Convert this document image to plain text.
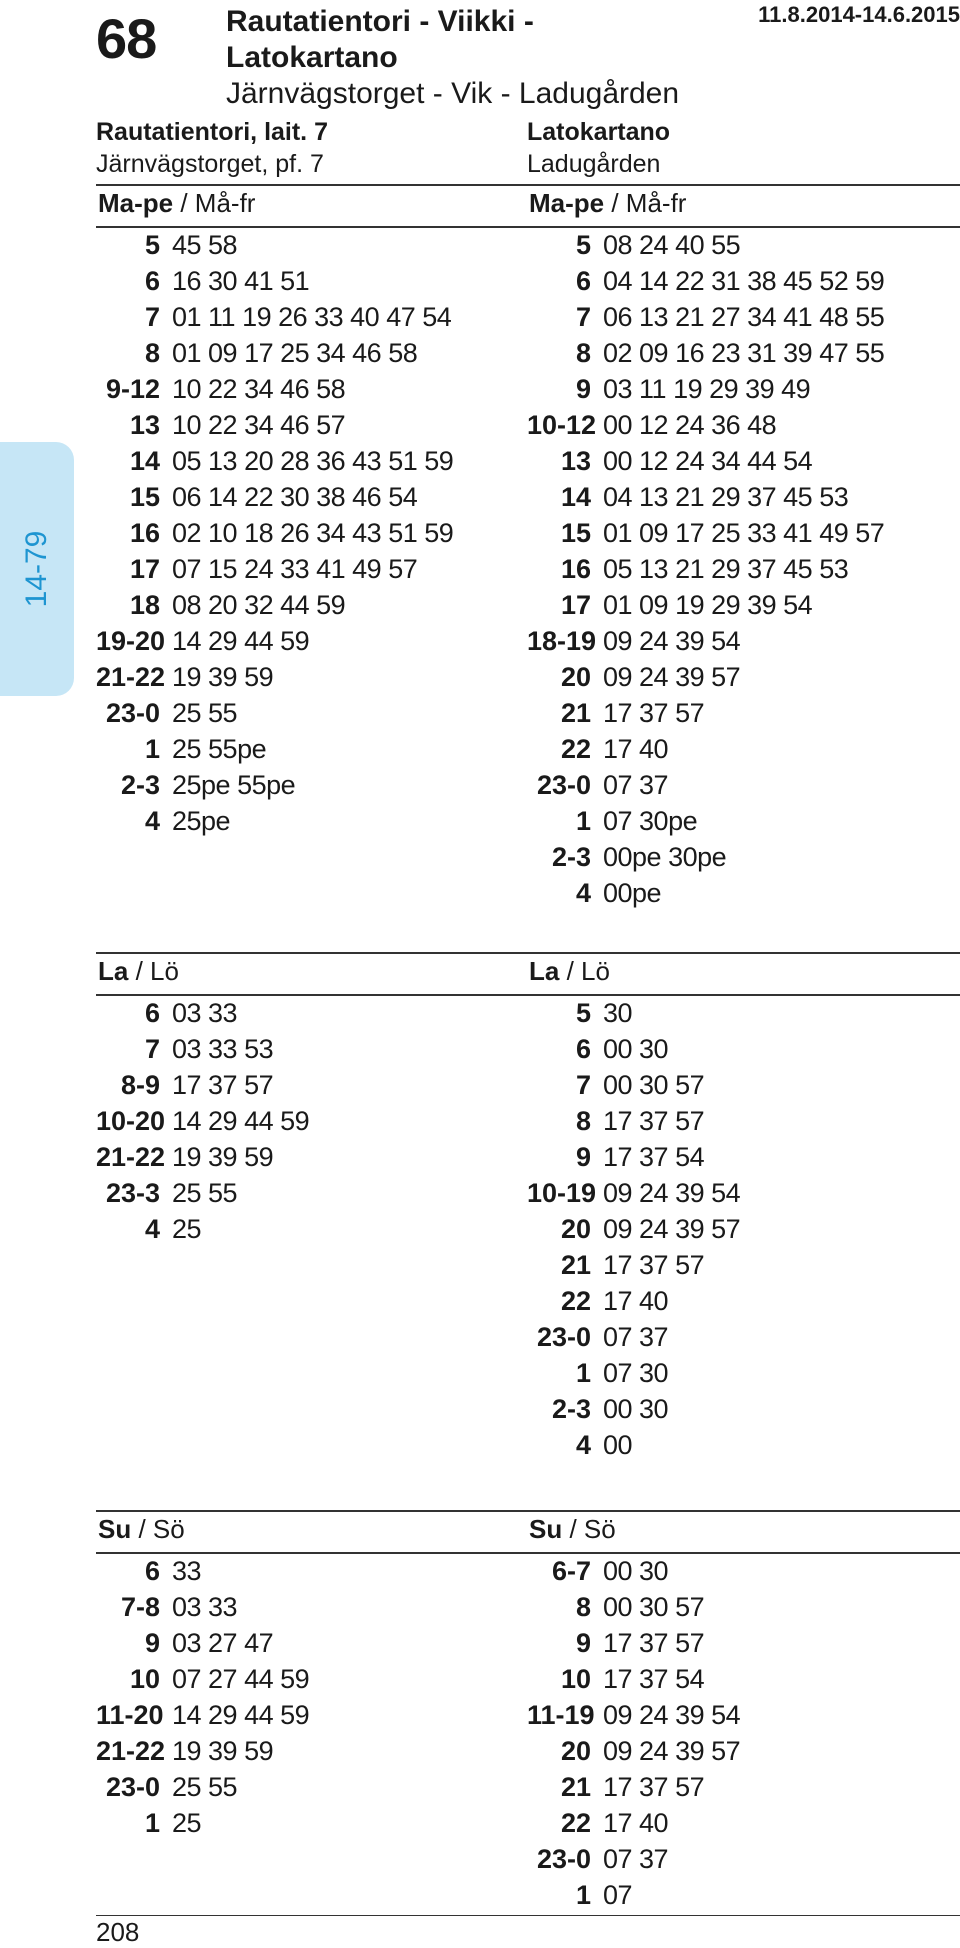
68 Rautatientori - Viikki -
Latokartano
Järnvägstorget - Vik - Ladugården
11.8.2014-14.6.2015
Rautatientori, lait. 7
Järnvägstorget, pf. 7
Latokartano
Ladugården
14-79
Ma-pe / Må-fr
5 45 58
6 16 30 41 51
7 01 11 19 26 33 40 47 54
8 01 09 17 25 34 46 58
9-12 10 22 34 46 58
13 10 22 34 46 57
14 05 13 20 28 36 43 51 59
15 06 14 22 30 38 46 54
16 02 10 18 26 34 43 51 59
17 07 15 24 33 41 49 57
18 08 20 32 44 59
19-20 14 29 44 59
21-22 19 39 59
23-0 25 55
1 25 55pe
2-3 25pe 55pe
4 25pe
Ma-pe / Må-fr
5 08 24 40 55
6 04 14 22 31 38 45 52 59
7 06 13 21 27 34 41 48 55
8 02 09 16 23 31 39 47 55
9 03 11 19 29 39 49
10-12 00 12 24 36 48
13 00 12 24 34 44 54
14 04 13 21 29 37 45 53
15 01 09 17 25 33 41 49 57
16 05 13 21 29 37 45 53
17 01 09 19 29 39 54
18-19 09 24 39 54
20 09 24 39 57
21 17 37 57
22 17 40
23-0 07 37
1 07 30pe
2-3 00pe 30pe
4 00pe
La / Lö
6 03 33
7 03 33 53
8-9 17 37 57
10-20 14 29 44 59
21-22 19 39 59
23-3 25 55
4 25
La / Lö
5 30
6 00 30
7 00 30 57
8 17 37 57
9 17 37 54
10-19 09 24 39 54
20 09 24 39 57
21 17 37 57
22 17 40
23-0 07 37
1 07 30
2-3 00 30
4 00
Su / Sö
6 33
7-8 03 33
9 03 27 47
10 07 27 44 59
11-20 14 29 44 59
21-22 19 39 59
23-0 25 55
1 25
Su / Sö
6-7 00 30
8 00 30 57
9 17 37 57
10 17 37 54
11-19 09 24 39 54
20 09 24 39 57
21 17 37 57
22 17 40
23-0 07 37
1 07
208
